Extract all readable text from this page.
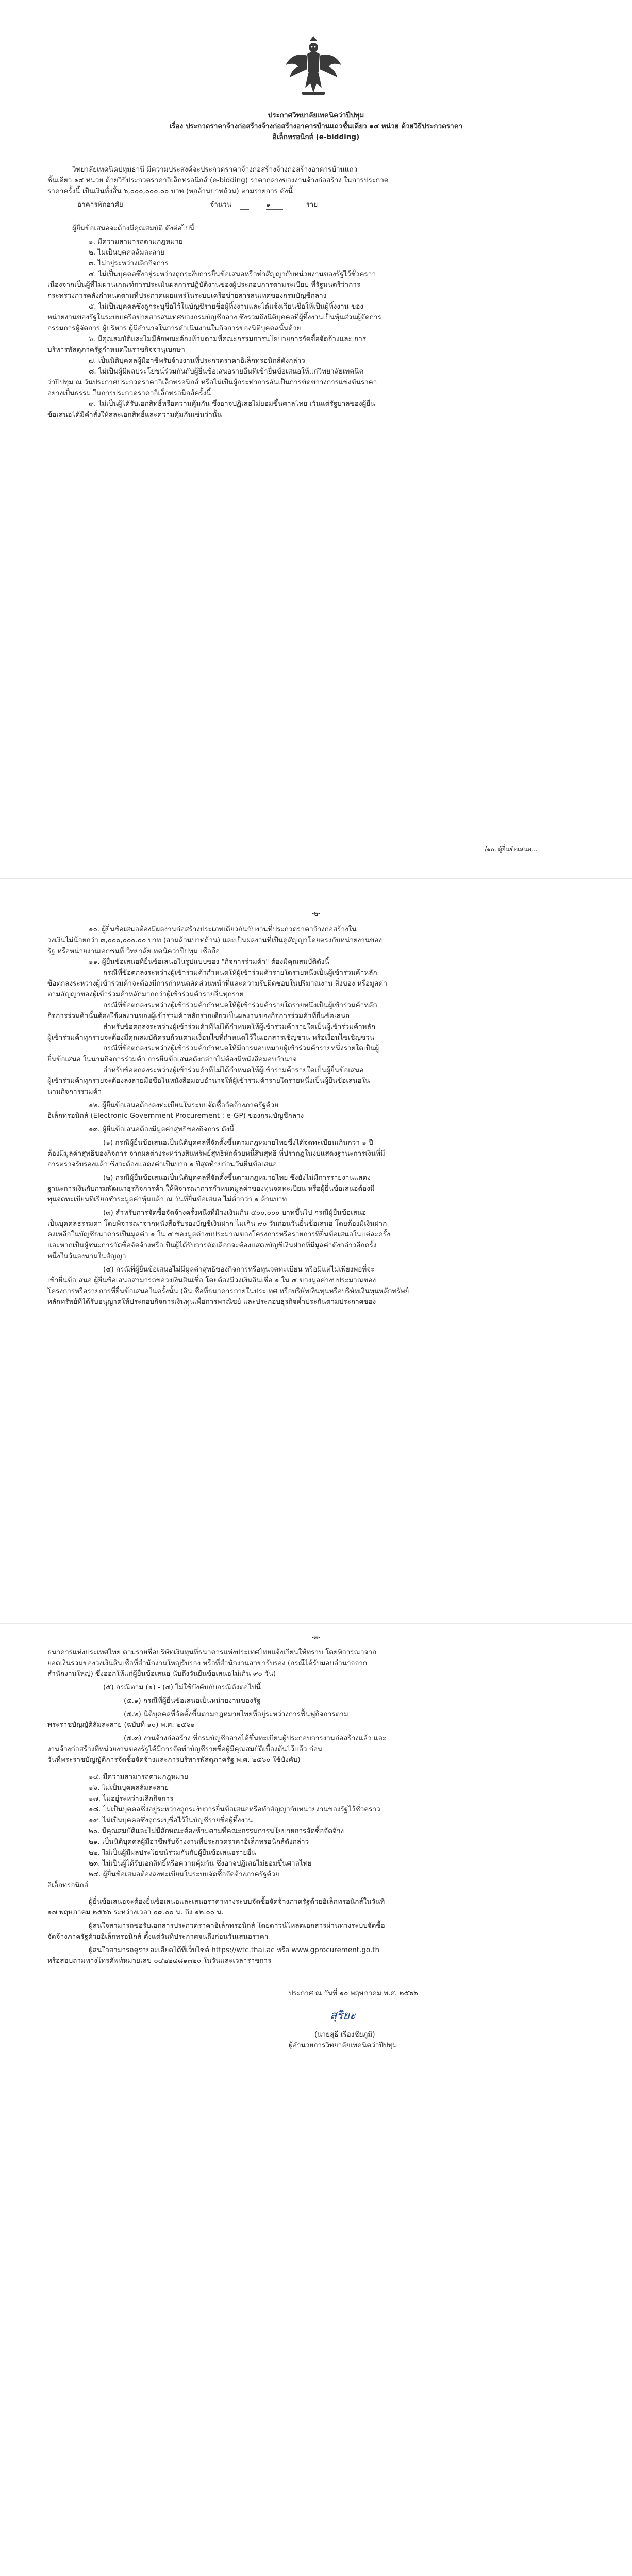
ประกาศวิทยาลัยเทคนิคว่าปีปทุม
เรื่อง ประกวดราคาจ้างก่อสร้างจ้างก่อสร้างอาคารบ้านแถวชั้นเดียว ๑๔ หน่วย ด้วยวิธีประกวดราคา
อิเล็กทรอนิกส์ (e-bidding)
วิทยาลัยเทคนิคปทุมธานี มีความประสงค์จะประกวดราคาจ้างก่อสร้างจ้างก่อสร้างอาคารบ้านแถว
ชั้นเดียว ๑๔ หน่วย ด้วยวิธีประกวดราคาอิเล็กทรอนิกส์ (e-bidding) ราคากลางของงานจ้างก่อสร้าง ในการประกวด
ราคาครั้งนี้ เป็นเงินทั้งสิ้น ๖,๐๐๐,๐๐๐.๐๐ บาท (หกล้านบาทถ้วน) ตามรายการ ดังนี้
อาคารพักอาศัย	จำนวน	๑	ราย
ผู้ยื่นข้อเสนอจะต้องมีคุณสมบัติ ดังต่อไปนี้
๑. มีความสามารถตามกฎหมาย
๒. ไม่เป็นบุคคลล้มละลาย
๓. ไม่อยู่ระหว่างเลิกกิจการ
๔. ไม่เป็นบุคคลซึ่งอยู่ระหว่างถูกระงับการยื่นข้อเสนอหรือทำสัญญากับหน่วยงานของรัฐไว้ชั่วคราว
เนื่องจากเป็นผู้ที่ไม่ผ่านเกณฑ์การประเมินผลการปฏิบัติงานของผู้ประกอบการตามระเบียบ ที่รัฐมนตรีว่าการ
กระทรวงการคลังกำหนดตามที่ประกาศเผยแพร่ในระบบเครือข่ายสารสนเทศของกรมบัญชีกลาง
๕. ไม่เป็นบุคคลซึ่งถูกระบุชื่อไว้ในบัญชีรายชื่อผู้ทิ้งงานและได้แจ้งเวียนชื่อให้เป็นผู้ทิ้งงาน ของ
หน่วยงานของรัฐในระบบเครือข่ายสารสนเทศของกรมบัญชีกลาง ซึ่งรวมถึงนิติบุคคลที่ผู้ทิ้งงานเป็นหุ้นส่วนผู้จัดการ
กรรมการผู้จัดการ ผู้บริหาร ผู้มีอำนาจในการดำเนินงานในกิจการของนิติบุคคลนั้นด้วย
๖. มีคุณสมบัติและไม่มีลักษณะต้องห้ามตามที่คณะกรรมการนโยบายการจัดซื้อจัดจ้างและ การ
บริหารพัสดุภาครัฐกำหนดในราชกิจจานุเบกษา
๗. เป็นนิติบุคคลผู้มีอาชีพรับจ้างงานที่ประกวดราคาอิเล็กทรอนิกส์ดังกล่าว
๘. ไม่เป็นผู้มีผลประโยชน์ร่วมกันกับผู้ยื่นข้อเสนอรายอื่นที่เข้ายื่นข้อเสนอให้แก่วิทยาลัยเทคนิค
ว่าปีปทุม ณ วันประกาศประกวดราคาอิเล็กทรอนิกส์ หรือไม่เป็นผู้กระทำการอันเป็นการขัดขวางการแข่งขันราคา
อย่างเป็นธรรม ในการประกวดราคาอิเล็กทรอนิกส์ครั้งนี้
๙. ไม่เป็นผู้ได้รับเอกสิทธิ์หรือความคุ้มกัน ซึ่งอาจปฏิเสธไม่ยอมขึ้นศาลไทย เว้นแต่รัฐบาลของผู้ยื่น
ข้อเสนอได้มีคำสั่งให้สละเอกสิทธิ์และความคุ้มกันเช่นว่านั้น
/๑๐. ผู้ยื่นข้อเสนอ...
-๒-
๑๐. ผู้ยื่นข้อเสนอต้องมีผลงานก่อสร้างประเภทเดียวกันกับงานที่ประกวดราคาจ้างก่อสร้างใน
วงเงินไม่น้อยกว่า ๓,๐๐๐,๐๐๐.๐๐ บาท (สามล้านบาทถ้วน) และเป็นผลงานที่เป็นคู่สัญญาโดยตรงกับหน่วยงานของ
รัฐ หรือหน่วยงานเอกชนที่ วิทยาลัยเทคนิคว่าปีปทุม เชื่อถือ
๑๑. ผู้ยื่นข้อเสนอที่ยื่นข้อเสนอในรูปแบบของ "กิจการร่วมค้า" ต้องมีคุณสมบัติดังนี้
กรณีที่ข้อตกลงระหว่างผู้เข้าร่วมค้ากำหนดให้ผู้เข้าร่วมค้ารายใดรายหนึ่งเป็นผู้เข้าร่วมค้าหลัก
ข้อตกลงระหว่างผู้เข้าร่วมค้าจะต้องมีการกำหนดสัดส่วนหน้าที่และความรับผิดชอบในปริมาณงาน สิ่งของ หรือมูลค่า
ตามสัญญาของผู้เข้าร่วมค้าหลักมากกว่าผู้เข้าร่วมค้ารายอื่นทุกราย
กรณีที่ข้อตกลงระหว่างผู้เข้าร่วมค้ากำหนดให้ผู้เข้าร่วมค้ารายใดรายหนึ่งเป็นผู้เข้าร่วมค้าหลัก
กิจการร่วมค้านั้นต้องใช้ผลงานของผู้เข้าร่วมค้าหลักรายเดียวเป็นผลงานของกิจการร่วมค้าที่ยื่นข้อเสนอ
สำหรับข้อตกลงระหว่างผู้เข้าร่วมค้าที่ไม่ได้กำหนดให้ผู้เข้าร่วมค้ารายใดเป็นผู้เข้าร่วมค้าหลัก
ผู้เข้าร่วมค้าทุกรายจะต้องมีคุณสมบัติครบถ้วนตามเงื่อนไขที่กำหนดไว้ในเอกสารเชิญชวน หรือเงื่อนไขเชิญชวน
กรณีที่ข้อตกลงระหว่างผู้เข้าร่วมค้ากำหนดให้มีการมอบหมายผู้เข้าร่วมค้ารายหนึ่งรายใดเป็นผู้
ยื่นข้อเสนอ ในนามกิจการร่วมค้า การยื่นข้อเสนอดังกล่าวไม่ต้องมีหนังสือมอบอำนาจ
สำหรับข้อตกลงระหว่างผู้เข้าร่วมค้าที่ไม่ได้กำหนดให้ผู้เข้าร่วมค้ารายใดเป็นผู้ยื่นข้อเสนอ
ผู้เข้าร่วมค้าทุกรายจะต้องลงลายมือชื่อในหนังสือมอบอำนาจให้ผู้เข้าร่วมค้ารายใดรายหนึ่งเป็นผู้ยื่นข้อเสนอใน
นามกิจการร่วมค้า
๑๒. ผู้ยื่นข้อเสนอต้องลงทะเบียนในระบบจัดซื้อจัดจ้างภาครัฐด้วย
อิเล็กทรอนิกส์ (Electronic Government Procurement : e-GP) ของกรมบัญชีกลาง
๑๓. ผู้ยื่นข้อเสนอต้องมีมูลค่าสุทธิของกิจการ ดังนี้
(๑) กรณีผู้ยื่นข้อเสนอเป็นนิติบุคคลที่จัดตั้งขึ้นตามกฎหมายไทยซึ่งได้จดทะเบียนเกินกว่า ๑ ปี
ต้องมีมูลค่าสุทธิของกิจการ จากผลต่างระหว่างสินทรัพย์สุทธิหักด้วยหนี้สินสุทธิ ที่ปรากฏในงบแสดงฐานะการเงินที่มี
การตรวจรับรองแล้ว ซึ่งจะต้องแสดงค่าเป็นบวก ๑ ปีสุดท้ายก่อนวันยื่นข้อเสนอ
(๒) กรณีผู้ยื่นข้อเสนอเป็นนิติบุคคลที่จัดตั้งขึ้นตามกฎหมายไทย ซึ่งยังไม่มีการรายงานแสดง
ฐานะการเงินกับกรมพัฒนาธุรกิจการค้า ให้พิจารณาการกำหนดมูลค่าของทุนจดทะเบียน หรือผู้ยื่นข้อเสนอต้องมี
ทุนจดทะเบียนที่เรียกชำระมูลค่าหุ้นแล้ว ณ วันที่ยื่นข้อเสนอ ไม่ต่ำกว่า ๑ ล้านบาท
(๓) สำหรับการจัดซื้อจัดจ้างครั้งหนึ่งที่มีวงเงินเกิน ๕๐๐,๐๐๐ บาทขึ้นไป กรณีผู้ยื่นข้อเสนอ
เป็นบุคคลธรรมดา โดยพิจารณาจากหนังสือรับรองบัญชีเงินฝาก ไม่เกิน ๙๐ วันก่อนวันยื่นข้อเสนอ โดยต้องมีเงินฝาก
คงเหลือในบัญชีธนาคารเป็นมูลค่า ๑ ใน ๔ ของมูลค่างบประมาณของโครงการหรือรายการที่ยื่นข้อเสนอในแต่ละครั้ง
และหากเป็นผู้ชนะการจัดซื้อจัดจ้างหรือเป็นผู้ได้รับการคัดเลือกจะต้องแสดงบัญชีเงินฝากที่มีมูลค่าดังกล่าวอีกครั้ง
หนึ่งในวันลงนามในสัญญา
(๔) กรณีที่ผู้ยื่นข้อเสนอไม่มีมูลค่าสุทธิของกิจการหรือทุนจดทะเบียน หรือมีแต่ไม่เพียงพอที่จะ
เข้ายื่นข้อเสนอ ผู้ยื่นข้อเสนอสามารถขอวงเงินสินเชื่อ โดยต้องมีวงเงินสินเชื่อ ๑ ใน ๔ ของมูลค่างบประมาณของ
โครงการหรือรายการที่ยื่นข้อเสนอในครั้งนั้น (สินเชื่อที่ธนาคารภายในประเทศ หรือบริษัทเงินทุนหรือบริษัทเงินทุนหลักทรัพย์
หลักทรัพย์ที่ได้รับอนุญาตให้ประกอบกิจการเงินทุนเพื่อการพาณิชย์ และประกอบธุรกิจค้ำประกันตามประกาศของ
-๓-
ธนาคารแห่งประเทศไทย ตามรายชื่อบริษัทเงินทุนที่ธนาคารแห่งประเทศไทยแจ้งเวียนให้ทราบ โดยพิจารณาจาก
ยอดเงินรวมของวงเงินสินเชื่อที่สำนักงานใหญ่รับรอง หรือที่สำนักงานสาขารับรอง (กรณีได้รับมอบอำนาจจาก
สำนักงานใหญ่) ซึ่งออกให้แก่ผู้ยื่นข้อเสนอ นับถึงวันยื่นข้อเสนอไม่เกิน ๙๐ วัน)
(๕) กรณีตาม (๑) - (๔) ไม่ใช้บังคับกับกรณีดังต่อไปนี้
(๕.๑) กรณีที่ผู้ยื่นข้อเสนอเป็นหน่วยงานของรัฐ
(๕.๒) นิติบุคคลที่จัดตั้งขึ้นตามกฎหมายไทยที่อยู่ระหว่างการฟื้นฟูกิจการตาม
พระราชบัญญัติล้มละลาย (ฉบับที่ ๑๐) พ.ศ. ๒๕๖๑
(๕.๓) งานจ้างก่อสร้าง ที่กรมบัญชีกลางได้ขึ้นทะเบียนผู้ประกอบการงานก่อสร้างแล้ว และ
งานจ้างก่อสร้างที่หน่วยงานของรัฐได้มีการจัดทำบัญชีรายชื่อผู้มีคุณสมบัติเบื้องต้นไว้แล้ว ก่อน
วันที่พระราชบัญญัติการจัดซื้อจัดจ้างและการบริหารพัสดุภาครัฐ พ.ศ. ๒๕๖๐ ใช้บังคับ)
๑๔. มีความสามารถตามกฎหมาย
๑๖. ไม่เป็นบุคคลล้มละลาย
๑๗. ไม่อยู่ระหว่างเลิกกิจการ
๑๘. ไม่เป็นบุคคลซึ่งอยู่ระหว่างถูกระงับการยื่นข้อเสนอหรือทำสัญญากับหน่วยงานของรัฐไว้ชั่วคราว
๑๙. ไม่เป็นบุคคลซึ่งถูกระบุชื่อไว้ในบัญชีรายชื่อผู้ทิ้งงาน
๒๐. มีคุณสมบัติและไม่มีลักษณะต้องห้ามตามที่คณะกรรมการนโยบายการจัดซื้อจัดจ้าง
๒๑. เป็นนิติบุคคลผู้มีอาชีพรับจ้างงานที่ประกวดราคาอิเล็กทรอนิกส์ดังกล่าว
๒๒. ไม่เป็นผู้มีผลประโยชน์ร่วมกันกับผู้ยื่นข้อเสนอรายอื่น
๒๓. ไม่เป็นผู้ได้รับเอกสิทธิ์หรือความคุ้มกัน ซึ่งอาจปฏิเสธไม่ยอมขึ้นศาลไทย
๒๔. ผู้ยื่นข้อเสนอต้องลงทะเบียนในระบบจัดซื้อจัดจ้างภาครัฐด้วย
อิเล็กทรอนิกส์
ผู้ยื่นข้อเสนอจะต้องยื่นข้อเสนอและเสนอราคาทางระบบจัดซื้อจัดจ้างภาครัฐด้วยอิเล็กทรอนิกส์ในวันที่
๑๗ พฤษภาคม ๒๕๖๖ ระหว่างเวลา ๐๙.๐๐ น. ถึง ๑๒.๐๐ น.
ผู้สนใจสามารถขอรับเอกสารประกวดราคาอิเล็กทรอนิกส์ โดยดาวน์โหลดเอกสารผ่านทางระบบจัดซื้อ
จัดจ้างภาครัฐด้วยอิเล็กทรอนิกส์ ตั้งแต่วันที่ประกาศจนถึงก่อนวันเสนอราคา
ผู้สนใจสามารถดูรายละเอียดได้ที่เว็บไซต์ https://wtc.thai.ac หรือ www.gprocurement.go.th
หรือสอบถามทางโทรศัพท์หมายเลข ๐๔๒๒๔๘๑๓๒๐ ในวันและเวลาราชการ
ประกาศ ณ วันที่ ๑๐ พฤษภาคม พ.ศ. ๒๕๖๖
สุริยะ
(นายสุธี เรืองชัยภูมิ)
ผู้อำนวยการวิทยาลัยเทคนิคว่าปีปทุม
